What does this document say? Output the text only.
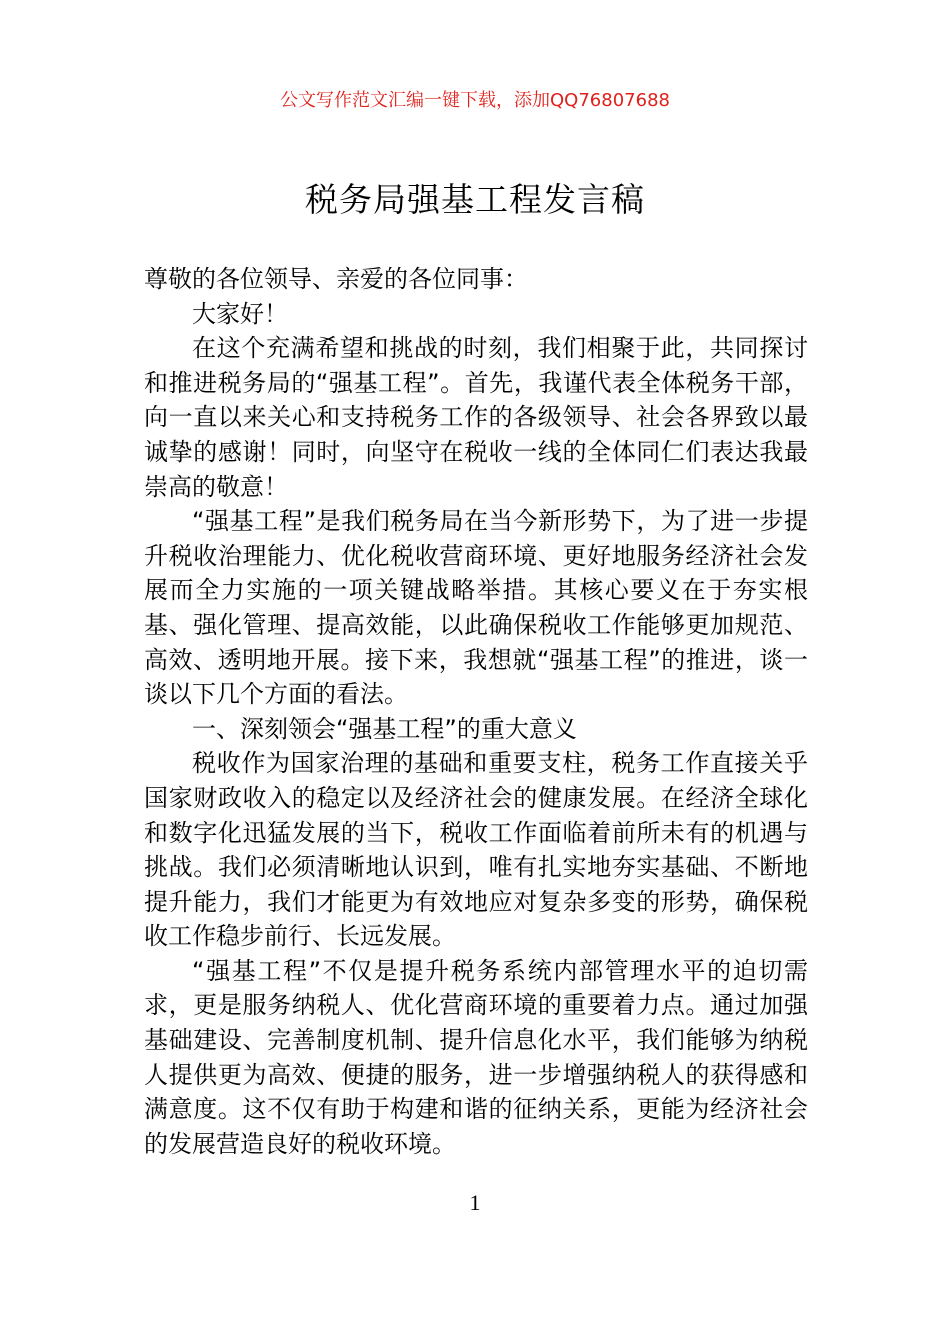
公文写作范文汇编一键下载，添加QQ76807688
税务局强基工程发言稿

尊敬的各位领导、亲爱的各位同事：

大家好！

在这个充满希望和挑战的时刻，我们相聚于此，共同探讨和推进税务局的“强基工程”。首先，我谨代表全体税务干部，向一直以来关心和支持税务工作的各级领导、社会各界致以最诚挚的感谢！同时，向坚守在税收一线的全体同仁们表达我最崇高的敬意！

“强基工程”是我们税务局在当今新形势下，为了进一步提升税收治理能力、优化税收营商环境、更好地服务经济社会发展而全力实施的一项关键战略举措。其核心要义在于夯实根基、强化管理、提高效能，以此确保税收工作能够更加规范、高效、透明地开展。接下来，我想就“强基工程”的推进，谈一谈以下几个方面的看法。

一、深刻领会“强基工程”的重大意义

税收作为国家治理的基础和重要支柱，税务工作直接关乎国家财政收入的稳定以及经济社会的健康发展。在经济全球化和数字化迅猛发展的当下，税收工作面临着前所未有的机遇与挑战。我们必须清晰地认识到，唯有扎实地夯实基础、不断地提升能力，我们才能更为有效地应对复杂多变的形势，确保税收工作稳步前行、长远发展。

“强基工程”不仅是提升税务系统内部管理水平的迫切需求，更是服务纳税人、优化营商环境的重要着力点。通过加强基础建设、完善制度机制、提升信息化水平，我们能够为纳税人提供更为高效、便捷的服务，进一步增强纳税人的获得感和满意度。这不仅有助于构建和谐的征纳关系，更能为经济社会的发展营造良好的税收环境。

1
